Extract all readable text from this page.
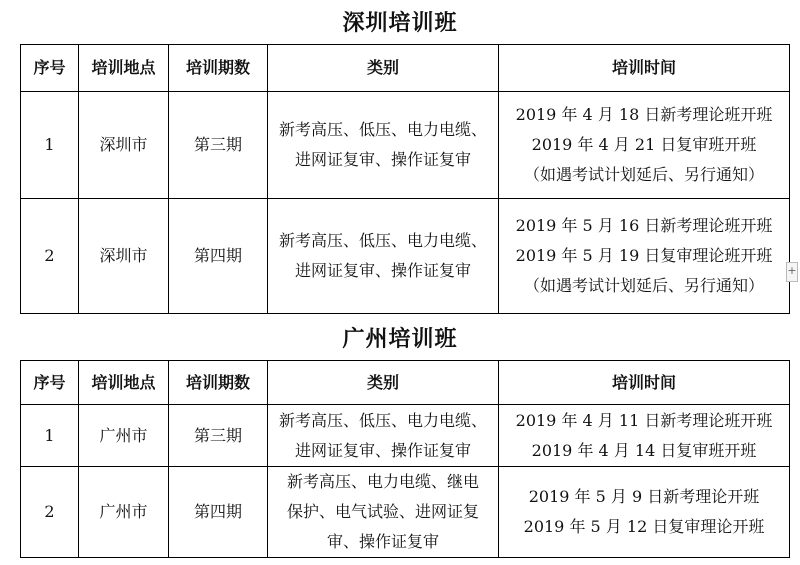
深圳培训班
序号	培训地点	培训期数	类别	培训时间
1	深圳市	第三期	新考高压、低压、电力电缆、
进网证复审、操作证复审	2019 年 4 月 18 日新考理论班开班
2019 年 4 月 21 日复审班开班
（如遇考试计划延后、另行通知）

2	深圳市	第四期	新考高压、低压、电力电缆、
进网证复审、操作证复审	2019 年 5 月 16 日新考理论班开班
2019 年 5 月 19 日复审理论班开班
（如遇考试计划延后、另行通知）
+
广州培训班
序号	培训地点	培训期数	类别	培训时间
1	广州市	第三期	新考高压、低压、电力电缆、
进网证复审、操作证复审	2019 年 4 月 11 日新考理论班开班
2019 年 4 月 14 日复审班开班

2	广州市	第四期	新考高压、电力电缆、继电
保护、电气试验、进网证复
审、操作证复审	2019 年 5 月 9 日新考理论开班
2019 年 5 月 12 日复审理论开班
